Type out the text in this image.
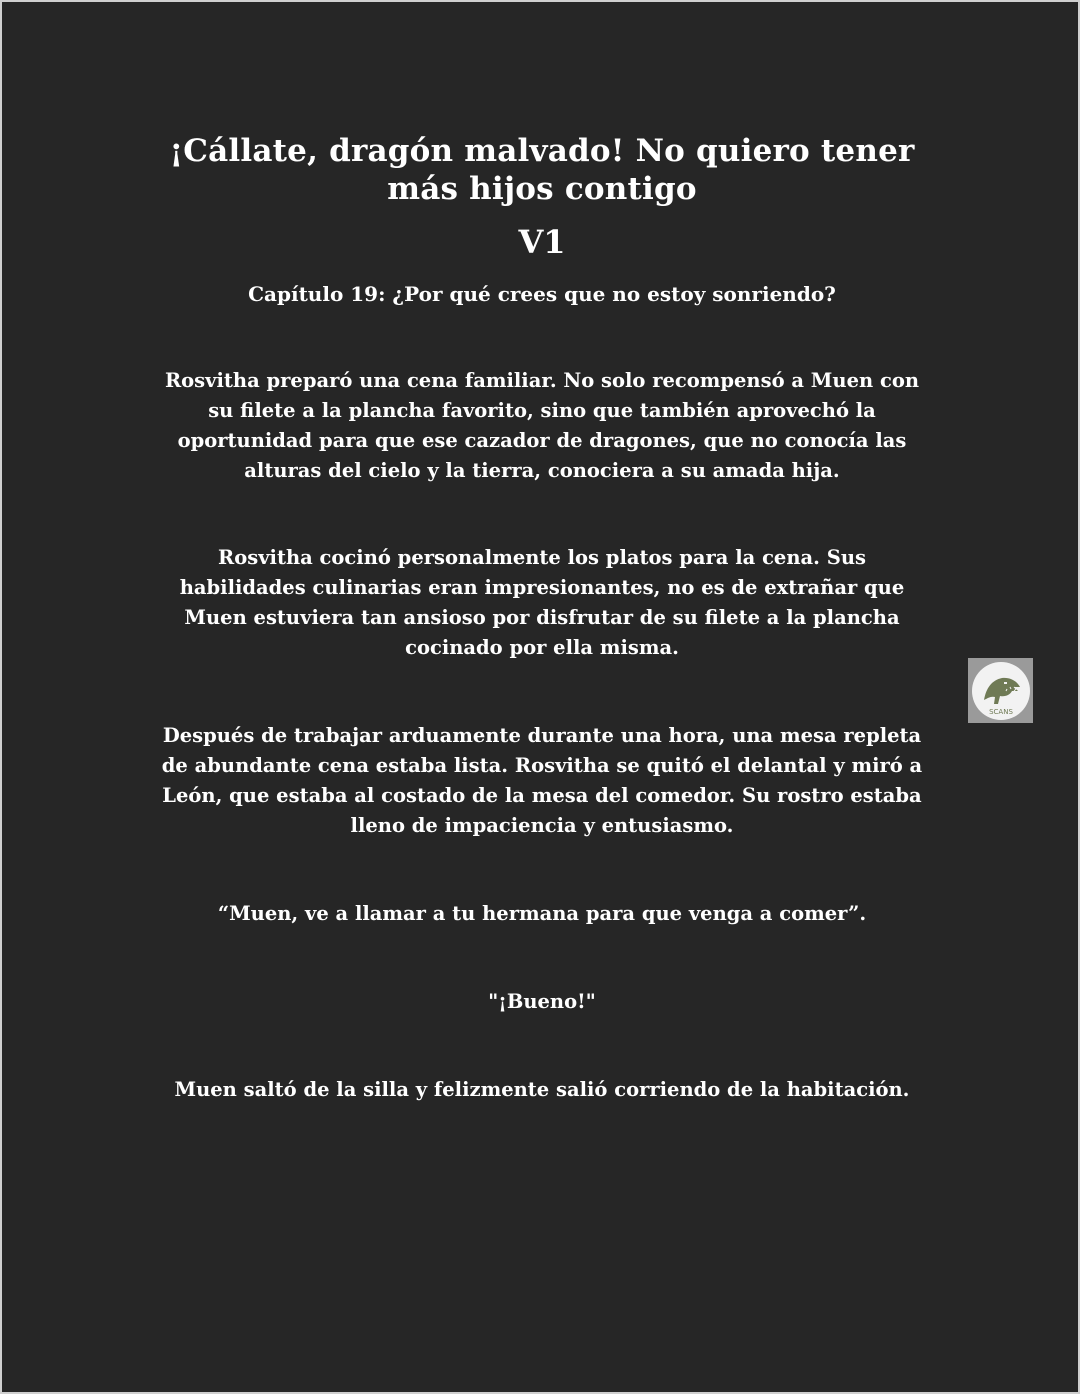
¡Cállate, dragón malvado! No quiero tener más hijos contigo
V1
Capítulo 19: ¿Por qué crees que no estoy sonriendo?

Rosvitha preparó una cena familiar. No solo recompensó a Muen con su filete a la plancha favorito, sino que también aprovechó la oportunidad para que ese cazador de dragones, que no conocía las alturas del cielo y la tierra, conociera a su amada hija.

Rosvitha cocinó personalmente los platos para la cena. Sus habilidades culinarias eran impresionantes, no es de extrañar que Muen estuviera tan ansioso por disfrutar de su filete a la plancha cocinado por ella misma.

Después de trabajar arduamente durante una hora, una mesa repleta de abundante cena estaba lista. Rosvitha se quitó el delantal y miró a León, que estaba al costado de la mesa del comedor. Su rostro estaba lleno de impaciencia y entusiasmo.

“Muen, ve a llamar a tu hermana para que venga a comer”.

"¡Bueno!"

Muen saltó de la silla y felizmente salió corriendo de la habitación.

SCANS
